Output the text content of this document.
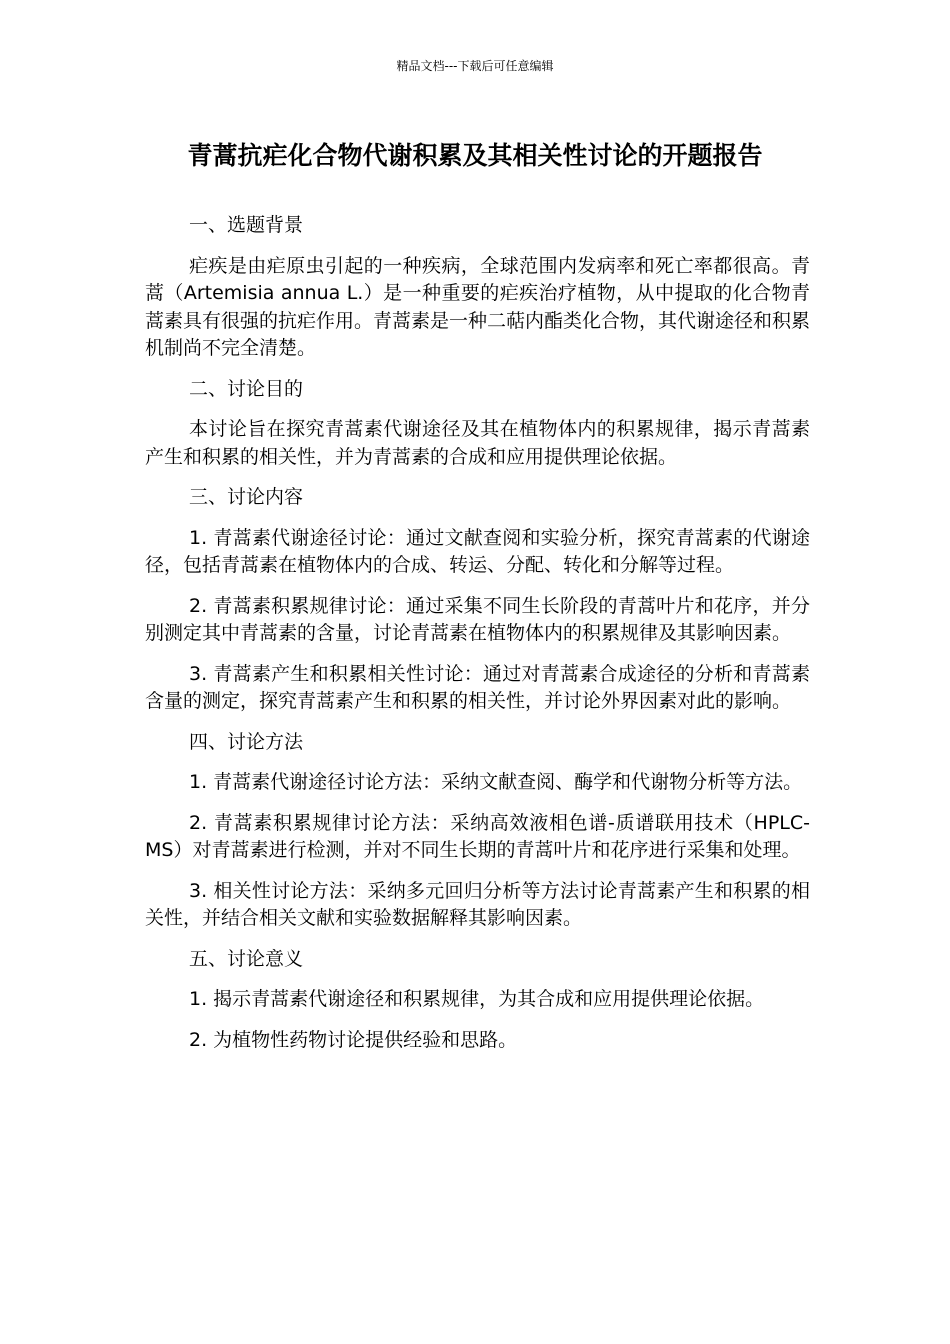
精品文档---下载后可任意编辑
青蒿抗疟化合物代谢积累及其相关性讨论的开题报告

一、选题背景

疟疾是由疟原虫引起的一种疾病，全球范围内发病率和死亡率都很高。青蒿（Artemisia annua L.）是一种重要的疟疾治疗植物，从中提取的化合物青蒿素具有很强的抗疟作用。青蒿素是一种二萜内酯类化合物，其代谢途径和积累机制尚不完全清楚。

二、讨论目的

本讨论旨在探究青蒿素代谢途径及其在植物体内的积累规律，揭示青蒿素产生和积累的相关性，并为青蒿素的合成和应用提供理论依据。

三、讨论内容

1. 青蒿素代谢途径讨论：通过文献查阅和实验分析，探究青蒿素的代谢途径，包括青蒿素在植物体内的合成、转运、分配、转化和分解等过程。

2. 青蒿素积累规律讨论：通过采集不同生长阶段的青蒿叶片和花序，并分别测定其中青蒿素的含量，讨论青蒿素在植物体内的积累规律及其影响因素。

3. 青蒿素产生和积累相关性讨论：通过对青蒿素合成途径的分析和青蒿素含量的测定，探究青蒿素产生和积累的相关性，并讨论外界因素对此的影响。

四、讨论方法

1. 青蒿素代谢途径讨论方法：采纳文献查阅、酶学和代谢物分析等方法。

2. 青蒿素积累规律讨论方法：采纳高效液相色谱-质谱联用技术（HPLC-MS）对青蒿素进行检测，并对不同生长期的青蒿叶片和花序进行采集和处理。

3. 相关性讨论方法：采纳多元回归分析等方法讨论青蒿素产生和积累的相关性，并结合相关文献和实验数据解释其影响因素。

五、讨论意义

1. 揭示青蒿素代谢途径和积累规律，为其合成和应用提供理论依据。

2. 为植物性药物讨论提供经验和思路。
